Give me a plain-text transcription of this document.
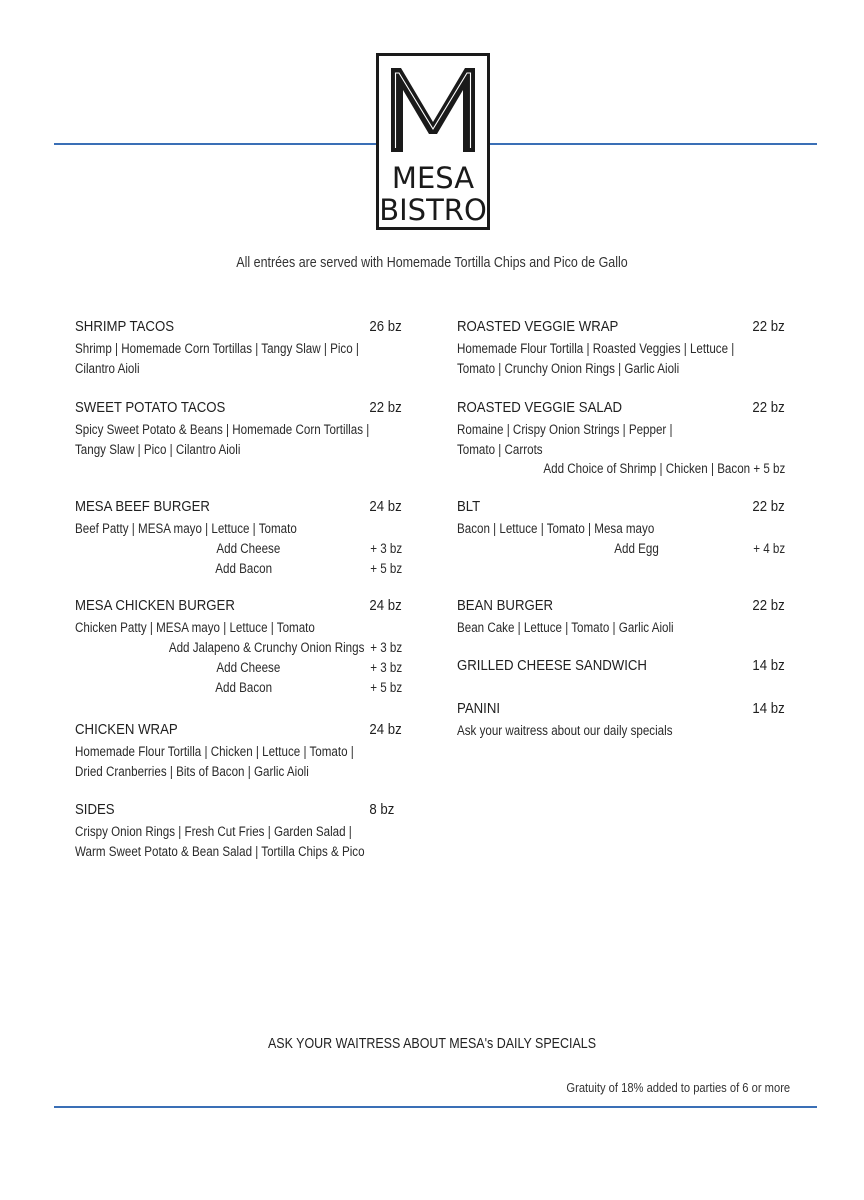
MESA
BISTRO
All entrées are served with Homemade Tortilla Chips and Pico de Gallo
SHRIMP TACOS	26 bz
Shrimp | Homemade Corn Tortillas | Tangy Slaw | Pico |
Cilantro Aioli
SWEET POTATO TACOS	22 bz
Spicy Sweet Potato & Beans | Homemade Corn Tortillas |
Tangy Slaw | Pico | Cilantro Aioli
MESA BEEF BURGER	24 bz
Beef Patty | MESA mayo | Lettuce | Tomato
Add Cheese	+ 3 bz
Add Bacon	+ 5 bz
MESA CHICKEN BURGER	24 bz
Chicken Patty | MESA mayo | Lettuce | Tomato
Add Jalapeno & Crunchy Onion Rings + 3 bz
Add Cheese	+ 3 bz
Add Bacon	+ 5 bz
CHICKEN WRAP	24 bz
Homemade Flour Tortilla | Chicken | Lettuce | Tomato |
Dried Cranberries | Bits of Bacon | Garlic Aioli
SIDES	8 bz
Crispy Onion Rings | Fresh Cut Fries | Garden Salad |
Warm Sweet Potato & Bean Salad | Tortilla Chips & Pico
ROASTED VEGGIE WRAP	22 bz
Homemade Flour Tortilla | Roasted Veggies | Lettuce |
Tomato | Crunchy Onion Rings | Garlic Aioli
ROASTED VEGGIE SALAD	22 bz
Romaine | Crispy Onion Strings | Pepper |
Tomato | Carrots
Add Choice of Shrimp | Chicken | Bacon + 5 bz
BLT	22 bz
Bacon | Lettuce | Tomato | Mesa mayo
Add Egg	+ 4 bz
BEAN BURGER	22 bz
Bean Cake | Lettuce | Tomato | Garlic Aioli
GRILLED CHEESE SANDWICH	14 bz
PANINI	14 bz
Ask your waitress about our daily specials
ASK YOUR WAITRESS ABOUT MESA's DAILY SPECIALS
Gratuity of 18% added to parties of 6 or more
